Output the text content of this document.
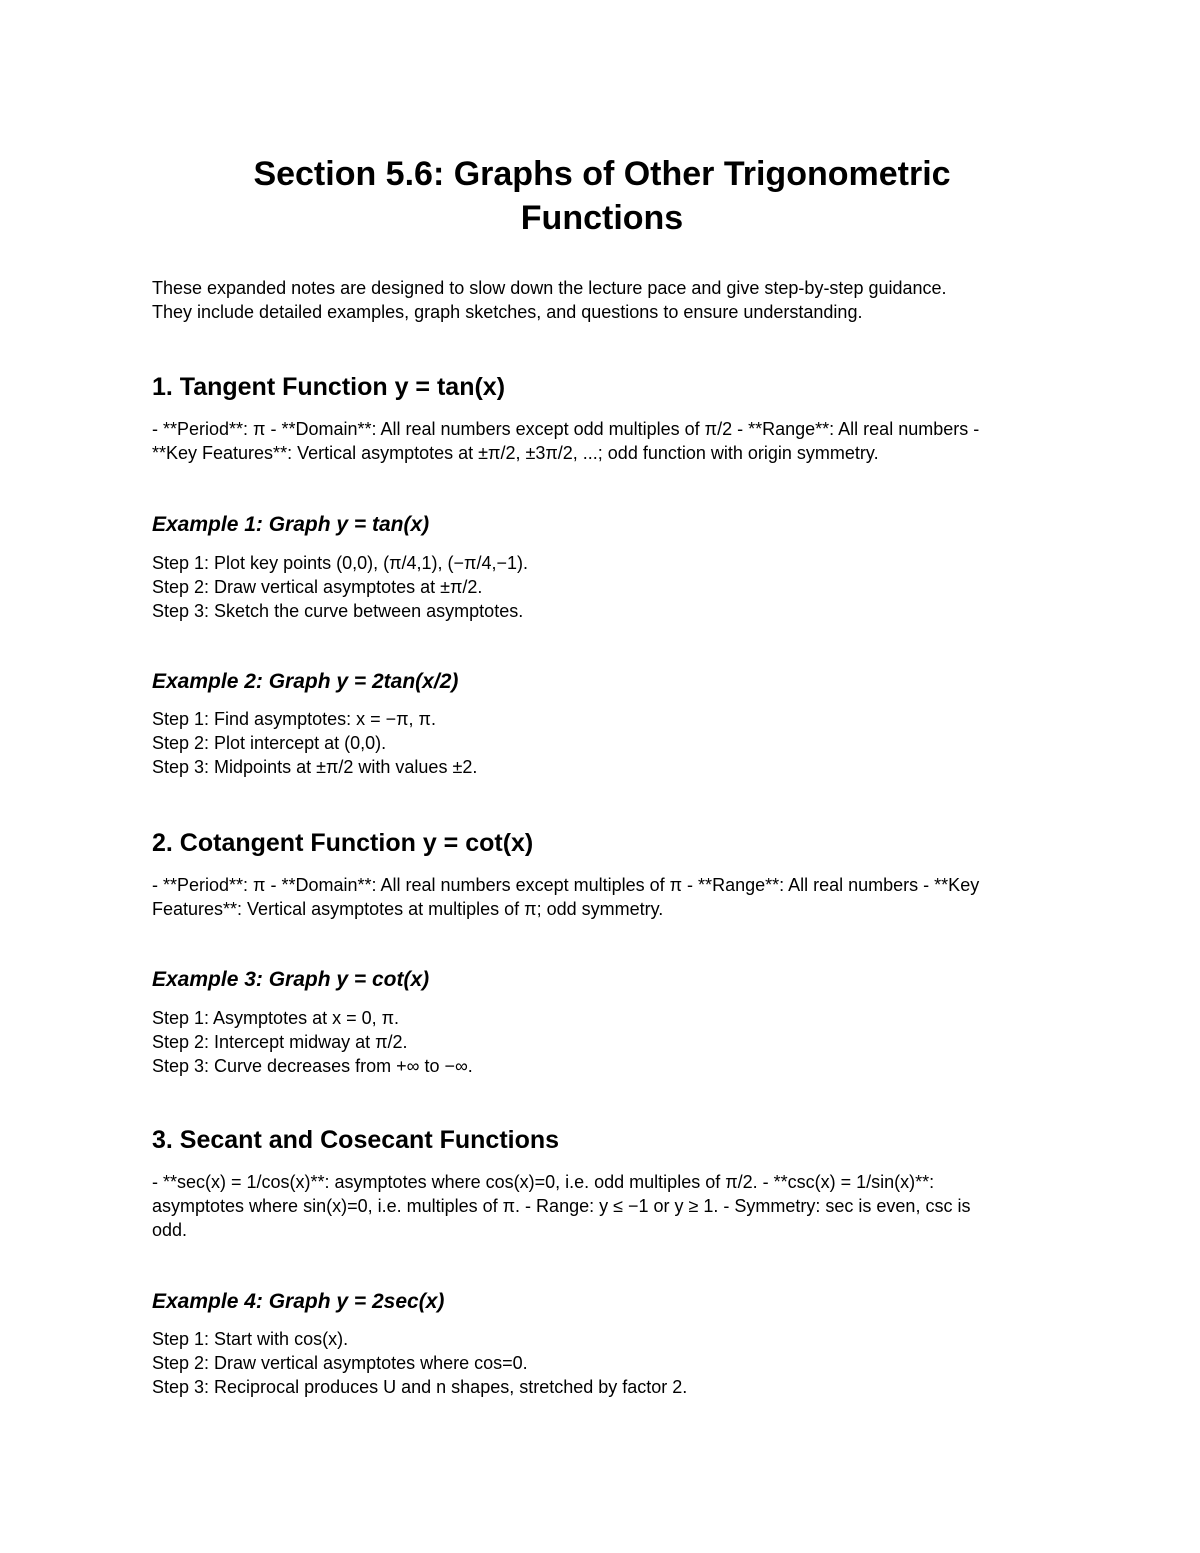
Section 5.6: Graphs of Other Trigonometric
Functions

These expanded notes are designed to slow down the lecture pace and give step-by-step guidance.
They include detailed examples, graph sketches, and questions to ensure understanding.

1. Tangent Function y = tan(x)

- **Period**: π - **Domain**: All real numbers except odd multiples of π/2 - **Range**: All real numbers -
**Key Features**: Vertical asymptotes at ±π/2, ±3π/2, ...; odd function with origin symmetry.

Example 1: Graph y = tan(x)
Step 1: Plot key points (0,0), (π/4,1), (−π/4,−1).
Step 2: Draw vertical asymptotes at ±π/2.
Step 3: Sketch the curve between asymptotes.
Example 2: Graph y = 2tan(x/2)
Step 1: Find asymptotes: x = −π, π.
Step 2: Plot intercept at (0,0).
Step 3: Midpoints at ±π/2 with values ±2.
2. Cotangent Function y = cot(x)

- **Period**: π - **Domain**: All real numbers except multiples of π - **Range**: All real numbers - **Key
Features**: Vertical asymptotes at multiples of π; odd symmetry.

Example 3: Graph y = cot(x)
Step 1: Asymptotes at x = 0, π.
Step 2: Intercept midway at π/2.
Step 3: Curve decreases from +∞ to −∞.
3. Secant and Cosecant Functions

- **sec(x) = 1/cos(x)**: asymptotes where cos(x)=0, i.e. odd multiples of π/2. - **csc(x) = 1/sin(x)**:
asymptotes where sin(x)=0, i.e. multiples of π. - Range: y ≤ −1 or y ≥ 1. - Symmetry: sec is even, csc is
odd.

Example 4: Graph y = 2sec(x)
Step 1: Start with cos(x).
Step 2: Draw vertical asymptotes where cos=0.
Step 3: Reciprocal produces U and n shapes, stretched by factor 2.
